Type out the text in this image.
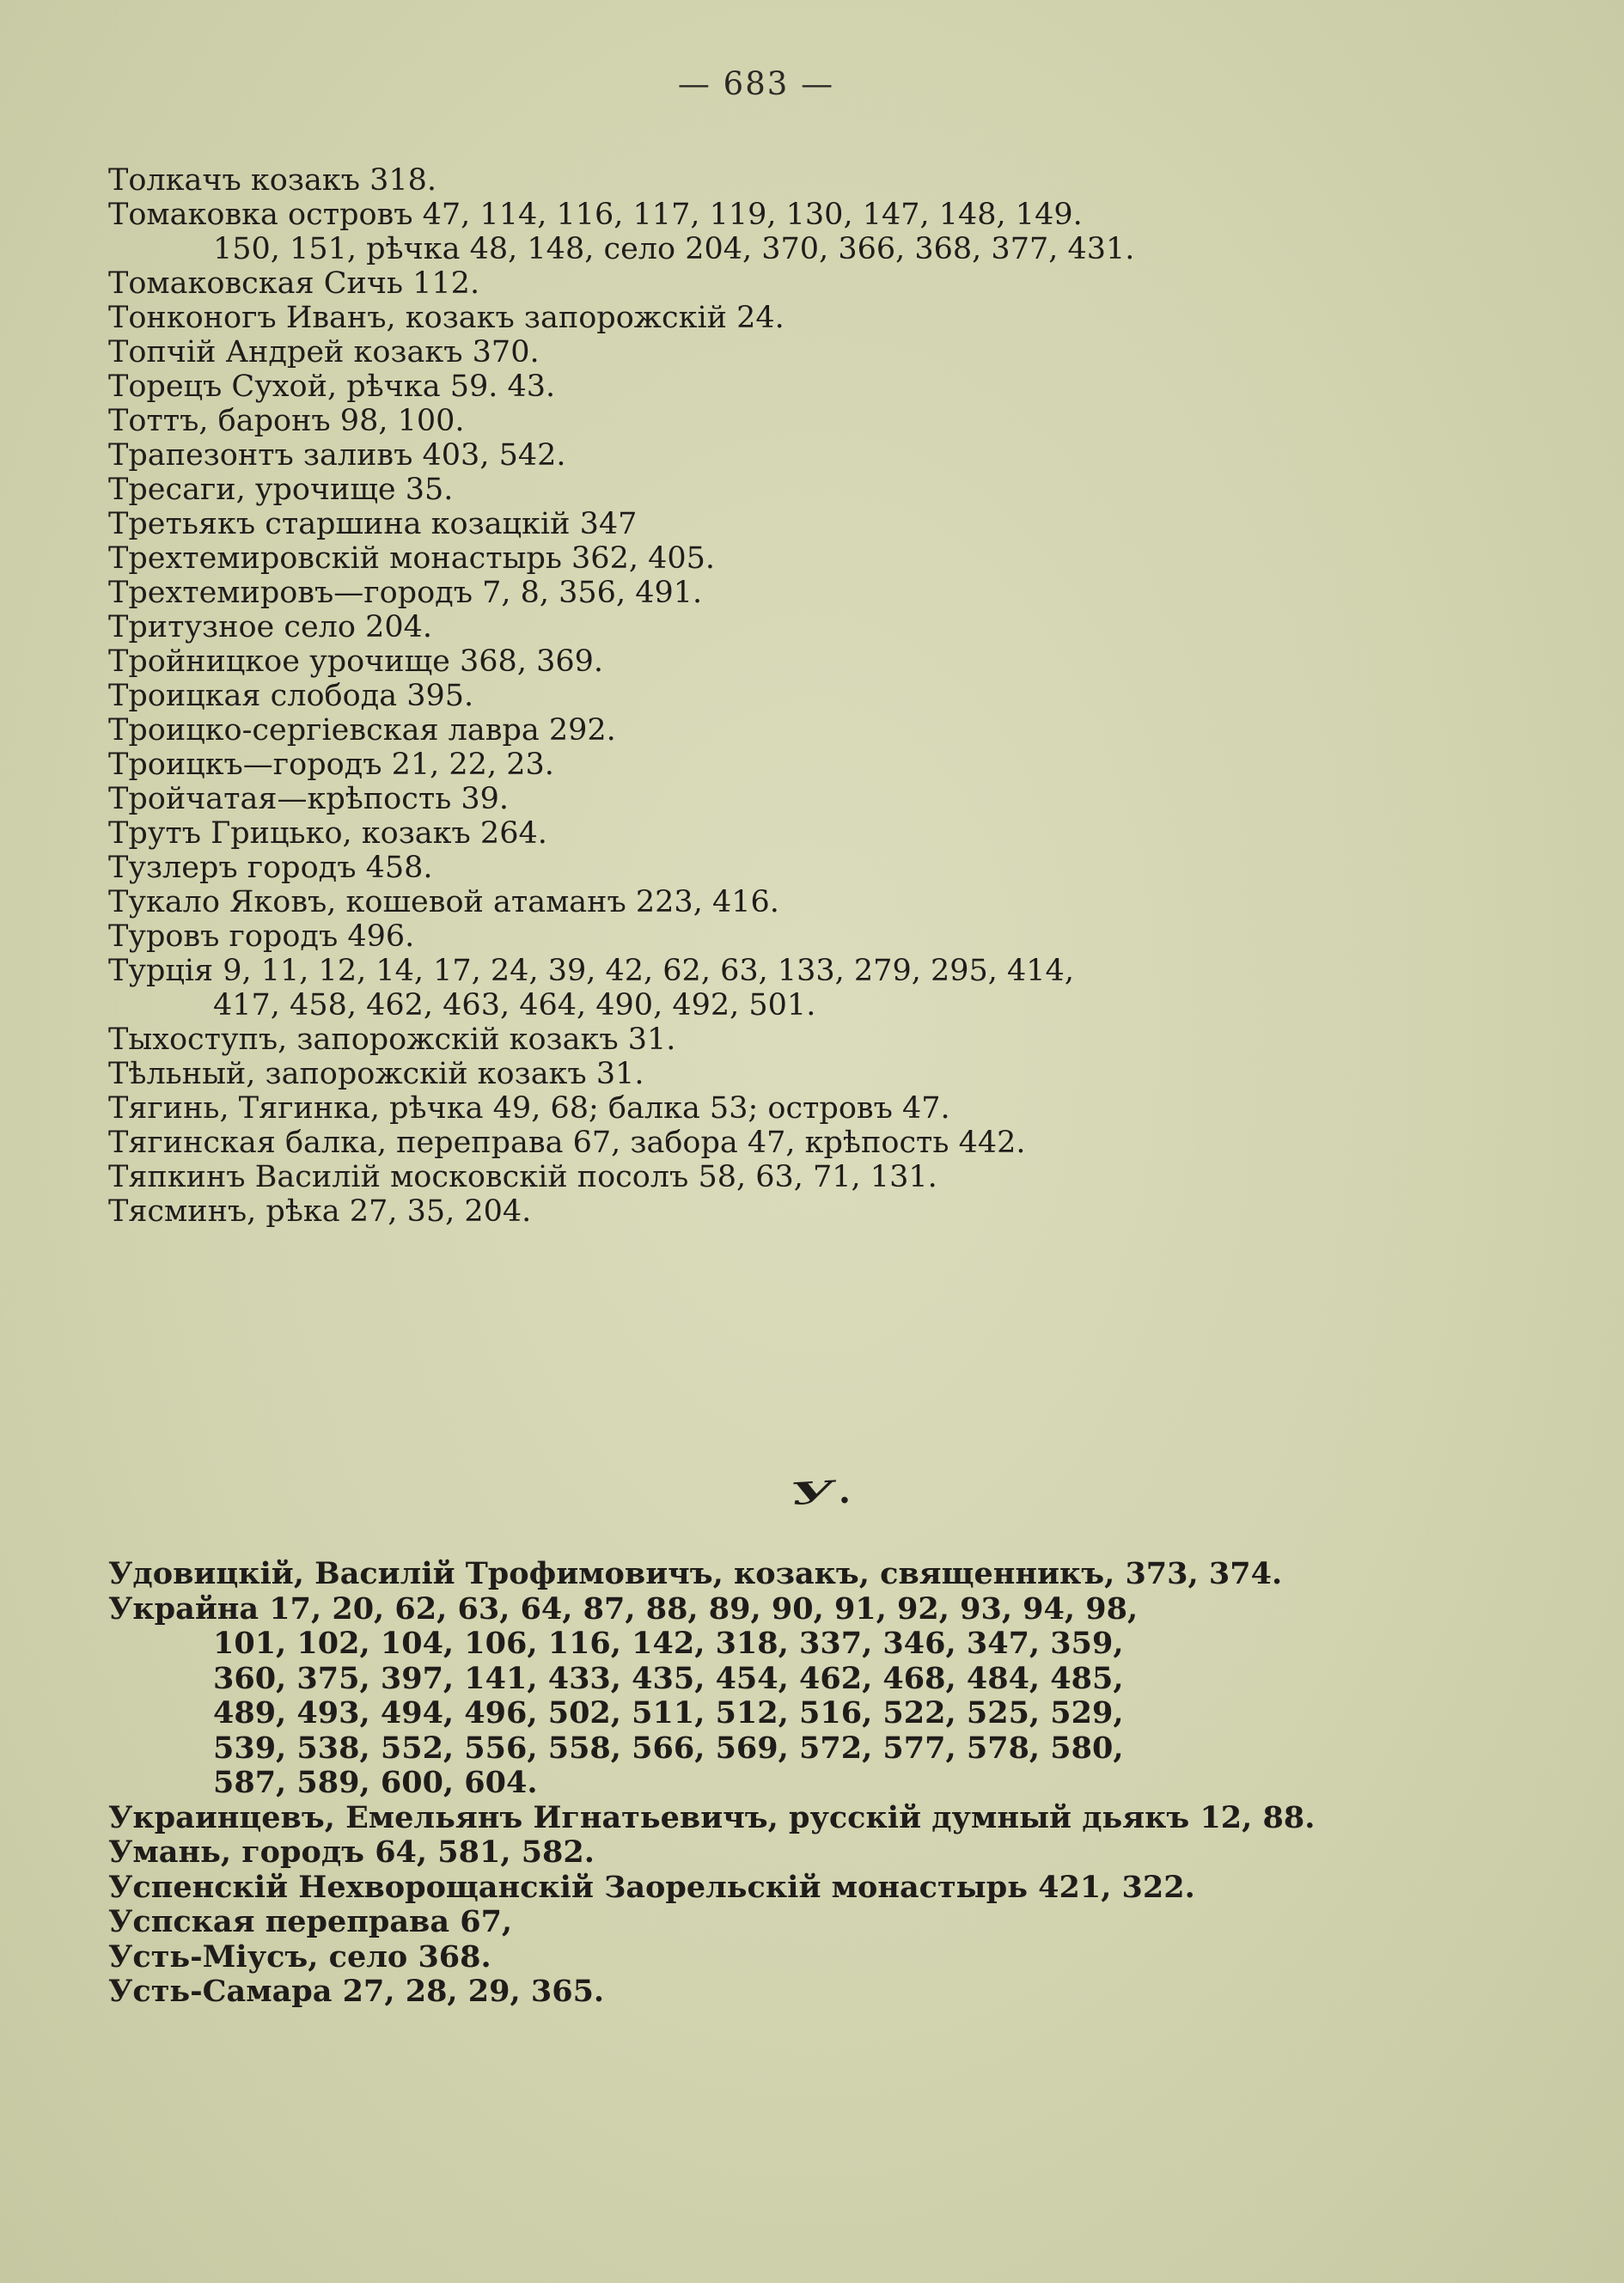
— 683 —
Толкачъ козакъ 318.
Томаковка островъ 47, 114, 116, 117, 119, 130, 147, 148, 149.
150, 151, рѣчка 48, 148, село 204, 370, 366, 368, 377, 431.
Томаковская Сичь 112.
Тонконогъ Иванъ, козакъ запорожскій 24.
Топчій Андрей козакъ 370.
Торецъ Сухой, рѣчка 59. 43.
Тоттъ, баронъ 98, 100.
Трапезонтъ заливъ 403, 542.
Тресаги, урочище 35.
Третьякъ старшина козацкій 347
Трехтемировскій монастырь 362, 405.
Трехтемировъ—городъ 7, 8, 356, 491.
Тритузное село 204.
Тройницкое урочище 368, 369.
Троицкая слобода 395.
Троицко-сергіевская лавра 292.
Троицкъ—городъ 21, 22, 23.
Тройчатая—крѣпость 39.
Трутъ Грицько, козакъ 264.
Тузлеръ городъ 458.
Тукало Яковъ, кошевой атаманъ 223, 416.
Туровъ городъ 496.
Турція 9, 11, 12, 14, 17, 24, 39, 42, 62, 63, 133, 279, 295, 414,
417, 458, 462, 463, 464, 490, 492, 501.
Тыхоступъ, запорожскій козакъ 31.
Тѣльный, запорожскій козакъ 31.
Тягинь, Тягинка, рѣчка 49, 68; балка 53; островъ 47.
Тягинская балка, переправа 67, забора 47, крѣпость 442.
Тяпкинъ Василій московскій посолъ 58, 63, 71, 131.
Тясминъ, рѣка 27, 35, 204.
У.
Удовицкій, Василій Трофимовичъ, козакъ, священникъ, 373, 374.
Украйна 17, 20, 62, 63, 64, 87, 88, 89, 90, 91, 92, 93, 94, 98,
101, 102, 104, 106, 116, 142, 318, 337, 346, 347, 359,
360, 375, 397, 141, 433, 435, 454, 462, 468, 484, 485,
489, 493, 494, 496, 502, 511, 512, 516, 522, 525, 529,
539, 538, 552, 556, 558, 566, 569, 572, 577, 578, 580,
587, 589, 600, 604.
Украинцевъ, Емельянъ Игнатьевичъ, русскій думный дьякъ 12, 88.
Умань, городъ 64, 581, 582.
Успенскій Нехворощанскій Заорельскій монастырь 421, 322.
Успская переправа 67,
Усть-Міусъ, село 368.
Усть-Самара 27, 28, 29, 365.
